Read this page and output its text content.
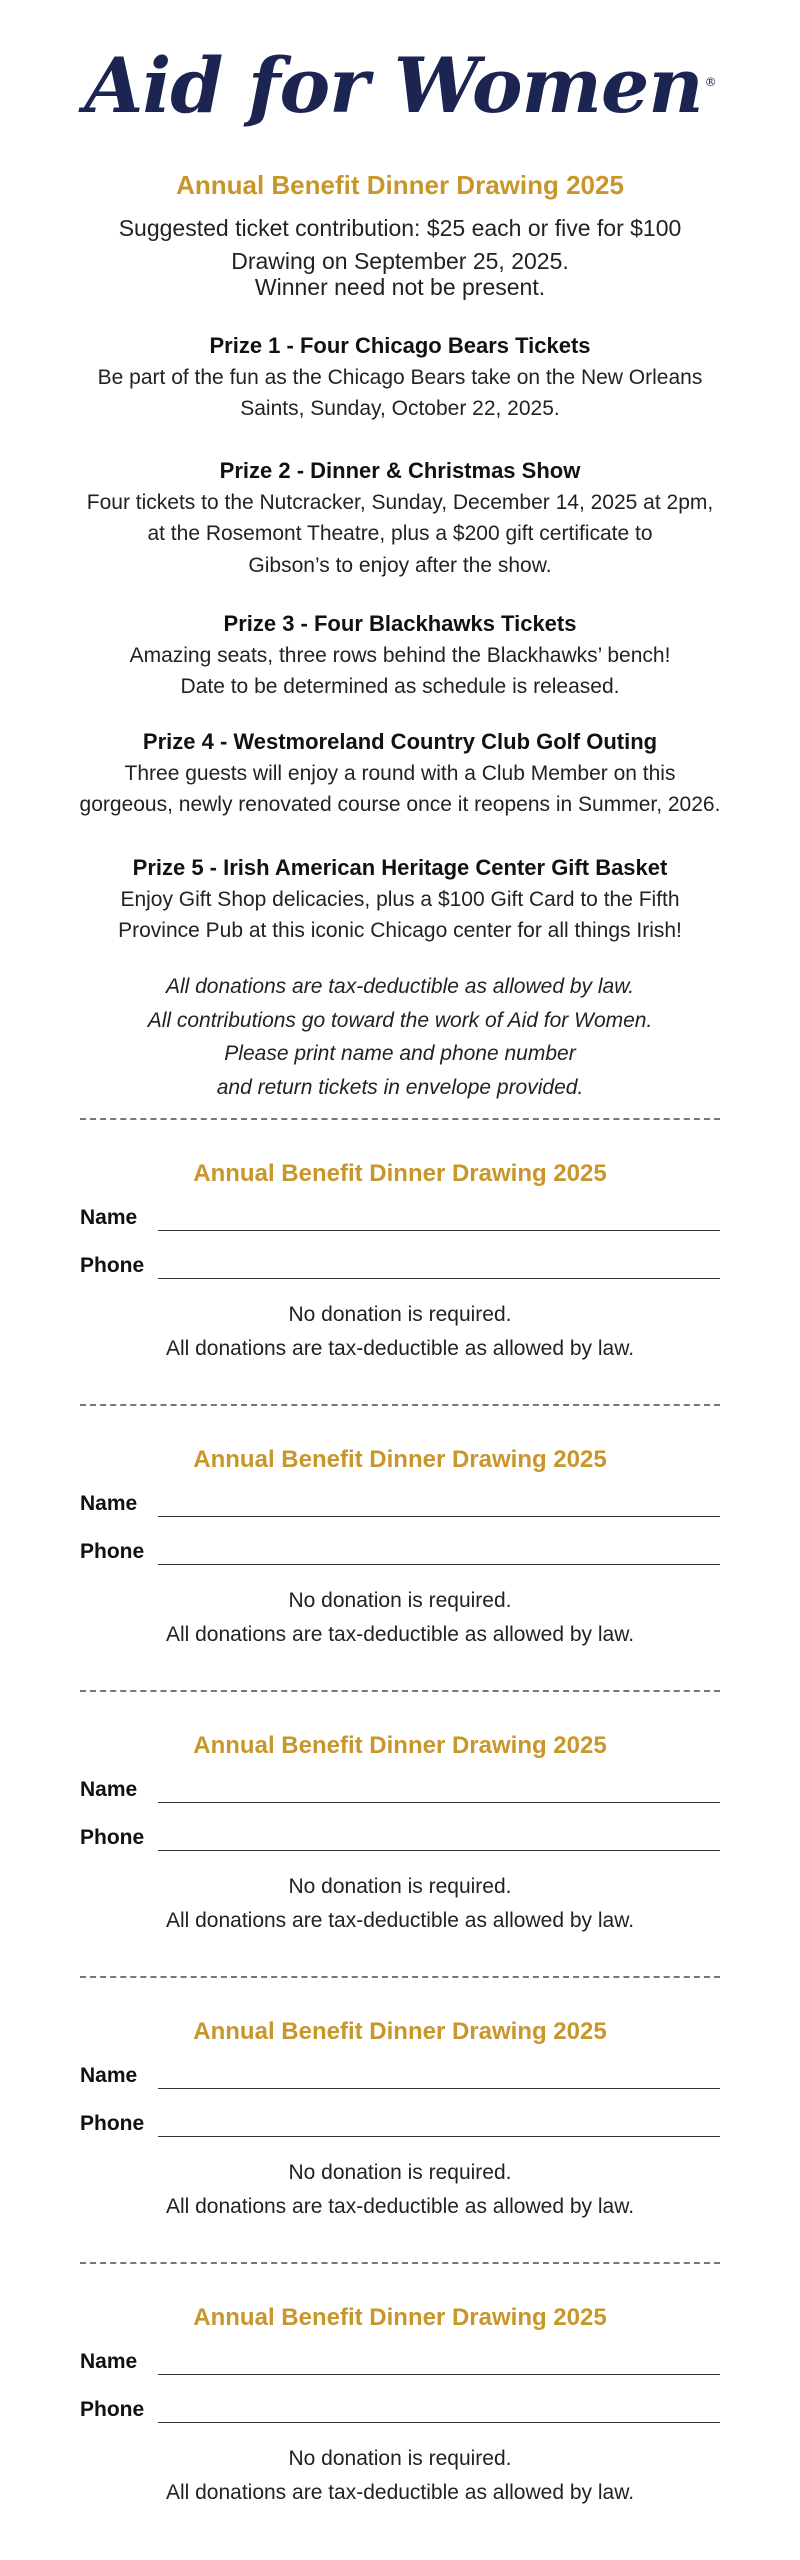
Aid for Women ®
Annual Benefit Dinner Drawing 2025
Suggested ticket contribution: $25 each or five for $100
Drawing on September 25, 2025.
Winner need not be present.
Prize 1 - Four Chicago Bears Tickets

Be part of the fun as the Chicago Bears take on the New Orleans

Saints, Sunday, October 22, 2025.

Prize 2 - Dinner & Christmas Show

Four tickets to the Nutcracker, Sunday, December 14, 2025 at 2pm,

at the Rosemont Theatre, plus a $200 gift certificate to

Gibson’s to enjoy after the show.

Prize 3 - Four Blackhawks Tickets

Amazing seats, three rows behind the Blackhawks’ bench!

Date to be determined as schedule is released.

Prize 4 - Westmoreland Country Club Golf Outing

Three guests will enjoy a round with a Club Member on this

gorgeous, newly renovated course once it reopens in Summer, 2026.

Prize 5 - Irish American Heritage Center Gift Basket

Enjoy Gift Shop delicacies, plus a $100 Gift Card to the Fifth

Province Pub at this iconic Chicago center for all things Irish!

All donations are tax-deductible as allowed by law.
All contributions go toward the work of Aid for Women.
Please print name and phone number
and return tickets in envelope provided.
Annual Benefit Dinner Drawing 2025
Name
Phone
No donation is required.
All donations are tax-deductible as allowed by law.
Annual Benefit Dinner Drawing 2025
Name
Phone
No donation is required.
All donations are tax-deductible as allowed by law.
Annual Benefit Dinner Drawing 2025
Name
Phone
No donation is required.
All donations are tax-deductible as allowed by law.
Annual Benefit Dinner Drawing 2025
Name
Phone
No donation is required.
All donations are tax-deductible as allowed by law.
Annual Benefit Dinner Drawing 2025
Name
Phone
No donation is required.
All donations are tax-deductible as allowed by law.
